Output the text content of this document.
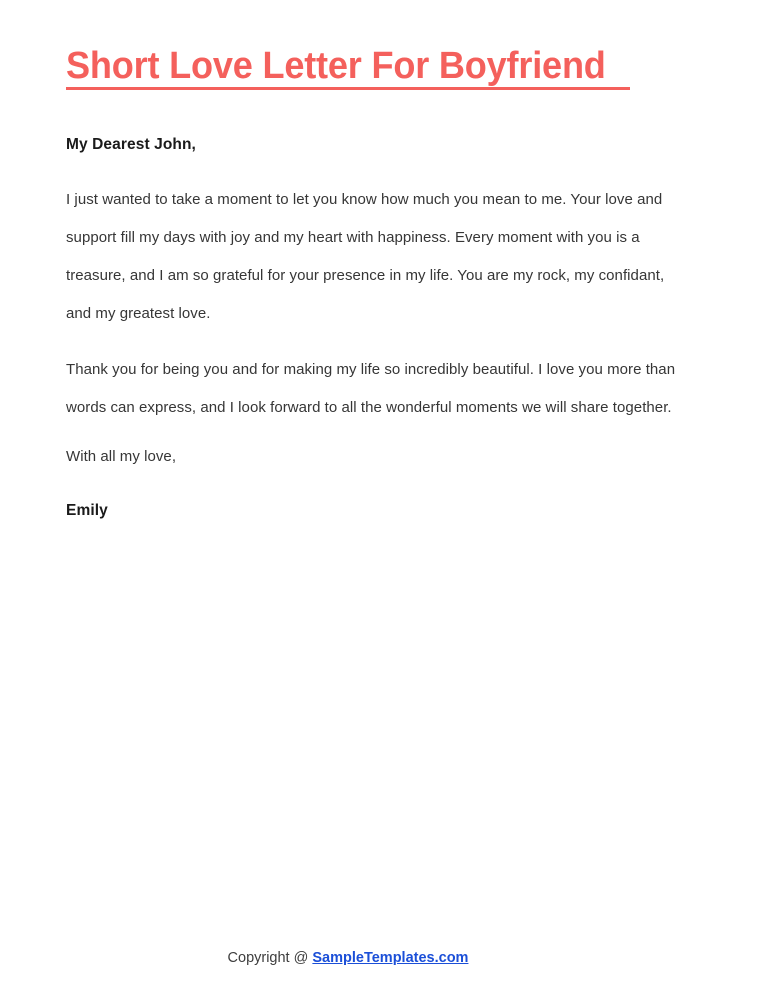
Short Love Letter For Boyfriend

My Dearest John,

I just wanted to take a moment to let you know how much you mean to me. Your love and support fill my days with joy and my heart with happiness. Every moment with you is a treasure, and I am so grateful for your presence in my life. You are my rock, my confidant, and my greatest love.

Thank you for being you and for making my life so incredibly beautiful. I love you more than words can express, and I look forward to all the wonderful moments we will share together.

With all my love,

Emily

Copyright @ SampleTemplates.com
